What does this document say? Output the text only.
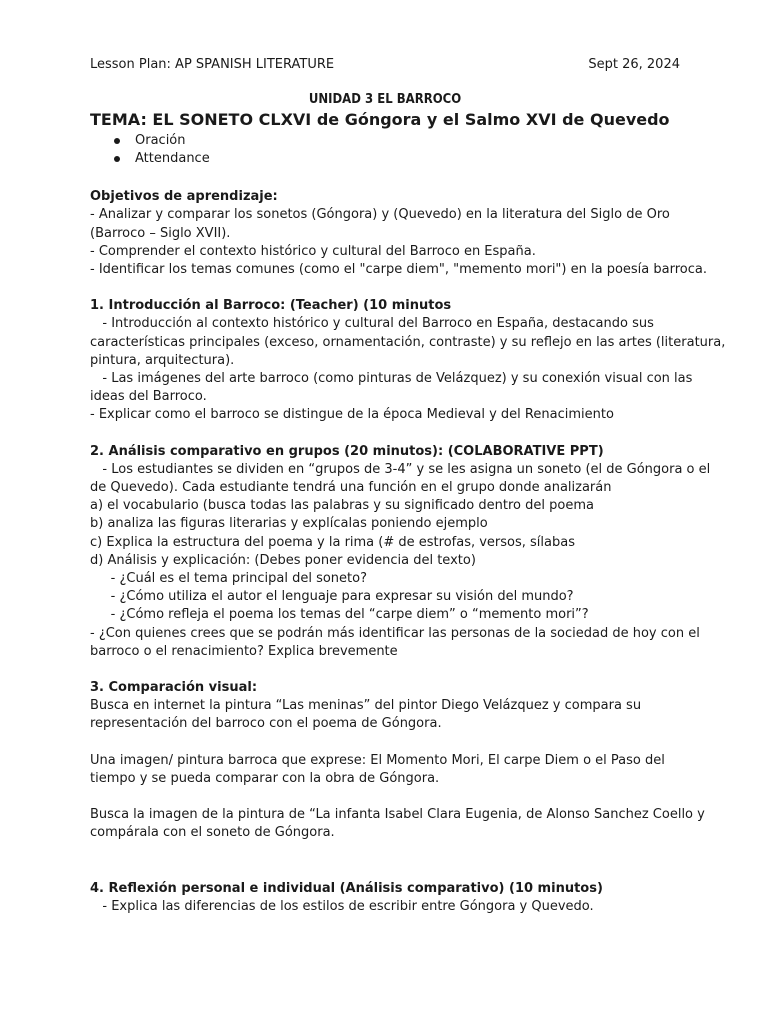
Lesson Plan: AP SPANISH LITERATURE	Sept 26, 2024
UNIDAD 3 EL BARROCO
TEMA: EL SONETO CLXVI de Góngora y el Salmo XVI de Quevedo
Oración
Attendance
Objetivos de aprendizaje:
- Analizar y comparar los sonetos (Góngora) y (Quevedo) en la literatura del Siglo de Oro
(Barroco – Siglo XVII).
- Comprender el contexto histórico y cultural del Barroco en España.
- Identificar los temas comunes (como el "carpe diem", "memento mori") en la poesía barroca.
1. Introducción al Barroco: (Teacher) (10 minutos
- Introducción al contexto histórico y cultural del Barroco en España, destacando sus
características principales (exceso, ornamentación, contraste) y su reflejo en las artes (literatura,
pintura, arquitectura).
- Las imágenes del arte barroco (como pinturas de Velázquez) y su conexión visual con las
ideas del Barroco.
- Explicar como el barroco se distingue de la época Medieval y del Renacimiento
2. Análisis comparativo en grupos (20 minutos): (COLABORATIVE PPT)
- Los estudiantes se dividen en “grupos de 3-4” y se les asigna un soneto (el de Góngora o el
de Quevedo). Cada estudiante tendrá una función en el grupo donde analizarán
a) el vocabulario (busca todas las palabras y su significado dentro del poema
b) analiza las figuras literarias y explícalas poniendo ejemplo
c) Explica la estructura del poema y la rima (# de estrofas, versos, sílabas
d) Análisis y explicación: (Debes poner evidencia del texto)
- ¿Cuál es el tema principal del soneto?
- ¿Cómo utiliza el autor el lenguaje para expresar su visión del mundo?
- ¿Cómo refleja el poema los temas del “carpe diem” o “memento mori”?
- ¿Con quienes crees que se podrán más identificar las personas de la sociedad de hoy con el
barroco o el renacimiento? Explica brevemente
3. Comparación visual:
Busca en internet la pintura “Las meninas” del pintor Diego Velázquez y compara su
representación del barroco con el poema de Góngora.
Una imagen/ pintura barroca que exprese: El Momento Mori, El carpe Diem o el Paso del
tiempo y se pueda comparar con la obra de Góngora.
Busca la imagen de la pintura de “La infanta Isabel Clara Eugenia, de Alonso Sanchez Coello y
compárala con el soneto de Góngora.
4. Reflexión personal e individual (Análisis comparativo) (10 minutos)
- Explica las diferencias de los estilos de escribir entre Góngora y Quevedo.
